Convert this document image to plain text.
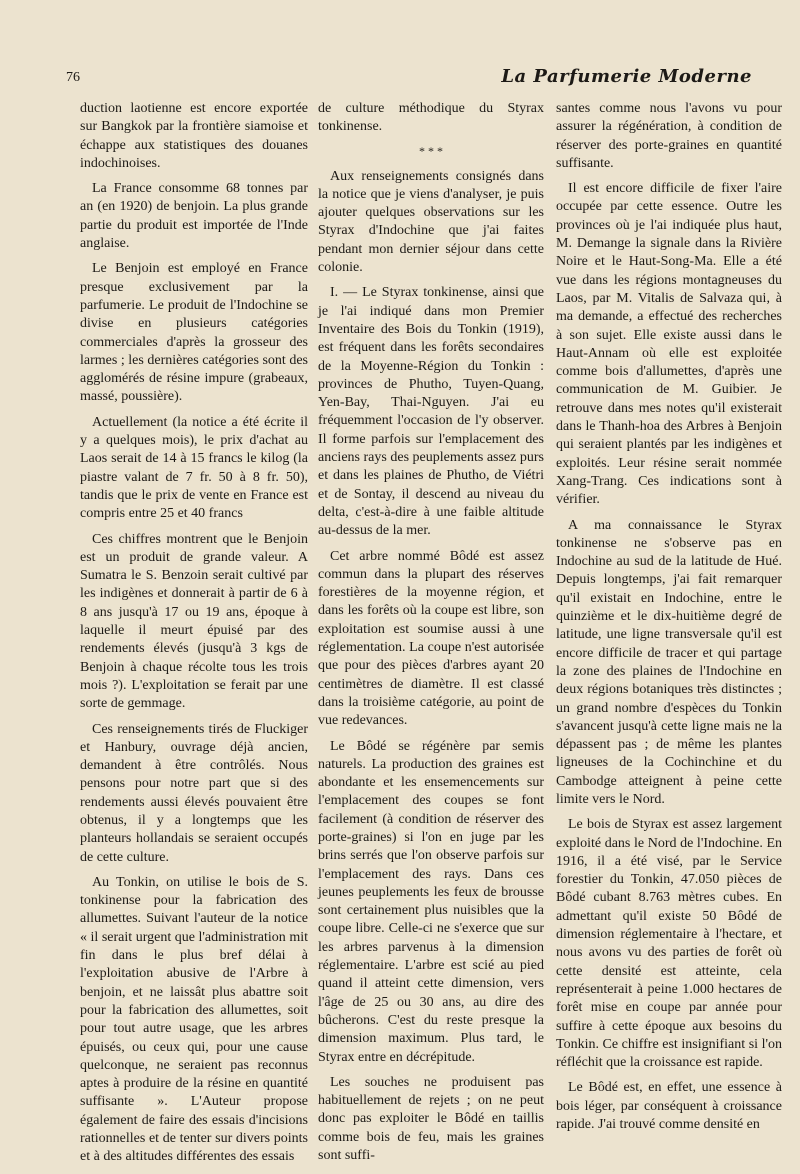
76	La Parfumerie Moderne

duction laotienne est encore exportée sur Bangkok par la frontière siamoise et échappe aux statistiques des douanes indochinoises.

La France consomme 68 tonnes par an (en 1920) de benjoin. La plus grande partie du produit est importée de l'Inde anglaise.

Le Benjoin est employé en France presque exclusivement par la parfumerie. Le produit de l'Indochine se divise en plusieurs catégories commerciales d'après la grosseur des larmes ; les dernières catégories sont des agglomérés de résine impure (grabeaux, massé, poussière).

Actuellement (la notice a été écrite il y a quelques mois), le prix d'achat au Laos serait de 14 à 15 francs le kilog (la piastre valant de 7 fr. 50 à 8 fr. 50), tandis que le prix de vente en France est compris entre 25 et 40 francs

Ces chiffres montrent que le Benjoin est un produit de grande valeur. A Sumatra le S. Benzoin serait cultivé par les indigènes et donnerait à partir de 6 à 8 ans jusqu'à 17 ou 19 ans, époque à laquelle il meurt épuisé par des rendements élevés (jusqu'à 3 kgs de Benjoin à chaque récolte tous les trois mois ?). L'exploitation se ferait par une sorte de gemmage.

Ces renseignements tirés de Fluckiger et Hanbury, ouvrage déjà ancien, demandent à être contrôlés. Nous pensons pour notre part que si des rendements aussi élevés pouvaient être obtenus, il y a longtemps que les planteurs hollandais se seraient occupés de cette culture.

Au Tonkin, on utilise le bois de S. tonkinense pour la fabrication des allumettes. Suivant l'auteur de la notice « il serait urgent que l'administration mit fin dans le plus bref délai à l'exploitation abusive de l'Arbre à benjoin, et ne laissât plus abattre soit pour la fabrication des allumettes, soit pour tout autre usage, que les arbres épuisés, ou ceux qui, pour une cause quelconque, ne seraient pas reconnus aptes à produire de la résine en quantité suffisante ». L'Auteur propose également de faire des essais d'incisions rationnelles et de tenter sur divers points et à des altitudes différentes des essais

de culture méthodique du Styrax tonkinense.

* * *

Aux renseignements consignés dans la notice que je viens d'analyser, je puis ajouter quelques observations sur les Styrax d'Indochine que j'ai faites pendant mon dernier séjour dans cette colonie.

I. — Le Styrax tonkinense, ainsi que je l'ai indiqué dans mon Premier Inventaire des Bois du Tonkin (1919), est fréquent dans les forêts secondaires de la Moyenne-Région du Tonkin : provinces de Phutho, Tuyen-Quang, Yen-Bay, Thai-Nguyen. J'ai eu fréquemment l'occasion de l'y observer. Il forme parfois sur l'emplacement des anciens rays des peuplements assez purs et dans les plaines de Phutho, de Viétri et de Sontay, il descend au niveau du delta, c'est-à-dire à une faible altitude au-dessus de la mer.

Cet arbre nommé Bôdé est assez commun dans la plupart des réserves forestières de la moyenne région, et dans les forêts où la coupe est libre, son exploitation est soumise aussi à une réglementation. La coupe n'est autorisée que pour des pièces d'arbres ayant 20 centimètres de diamètre. Il est classé dans la troisième catégorie, au point de vue redevances.

Le Bôdé se régénère par semis naturels. La production des graines est abondante et les ensemencements sur l'emplacement des coupes se font facilement (à condition de réserver des porte-graines) si l'on en juge par les brins serrés que l'on observe parfois sur l'emplacement des rays. Dans ces jeunes peuplements les feux de brousse sont certainement plus nuisibles que la coupe libre. Celle-ci ne s'exerce que sur les arbres parvenus à la dimension réglementaire. L'arbre est scié au pied quand il atteint cette dimension, vers l'âge de 25 ou 30 ans, au dire des bûcherons. C'est du reste presque la dimension maximum. Plus tard, le Styrax entre en décrépitude.

Les souches ne produisent pas habituellement de rejets ; on ne peut donc pas exploiter le Bôdé en taillis comme bois de feu, mais les graines sont suffi-

santes comme nous l'avons vu pour assurer la régénération, à condition de réserver des porte-graines en quantité suffisante.

Il est encore difficile de fixer l'aire occupée par cette essence. Outre les provinces où je l'ai indiquée plus haut, M. Demange la signale dans la Rivière Noire et le Haut-Song-Ma. Elle a été vue dans les régions montagneuses du Laos, par M. Vitalis de Salvaza qui, à ma demande, a effectué des recherches à son sujet. Elle existe aussi dans le Haut-Annam où elle est exploitée comme bois d'allumettes, d'après une communication de M. Guibier. Je retrouve dans mes notes qu'il existerait dans le Thanh-hoa des Arbres à Benjoin qui seraient plantés par les indigènes et exploités. Leur résine serait nommée Xang-Trang. Ces indications sont à vérifier.

A ma connaissance le Styrax tonkinense ne s'observe pas en Indochine au sud de la latitude de Hué. Depuis longtemps, j'ai fait remarquer qu'il existait en Indochine, entre le quinzième et le dix-huitième degré de latitude, une ligne transversale qu'il est encore difficile de tracer et qui partage la zone des plaines de l'Indochine en deux régions botaniques très distinctes ; un grand nombre d'espèces du Tonkin s'avancent jusqu'à cette ligne mais ne la dépassent pas ; de même les plantes ligneuses de la Cochinchine et du Cambodge atteignent à peine cette limite vers le Nord.

Le bois de Styrax est assez largement exploité dans le Nord de l'Indochine. En 1916, il a été visé, par le Service forestier du Tonkin, 47.050 pièces de Bôdé cubant 8.763 mètres cubes. En admettant qu'il existe 50 Bôdé de dimension réglementaire à l'hectare, et nous avons vu des parties de forêt où cette densité est atteinte, cela représenterait à peine 1.000 hectares de forêt mise en coupe par année pour suffire à cette époque aux besoins du Tonkin. Ce chiffre est insignifiant si l'on réfléchit que la croissance est rapide.

Le Bôdé est, en effet, une essence à bois léger, par conséquent à croissance rapide. J'ai trouvé comme densité en
